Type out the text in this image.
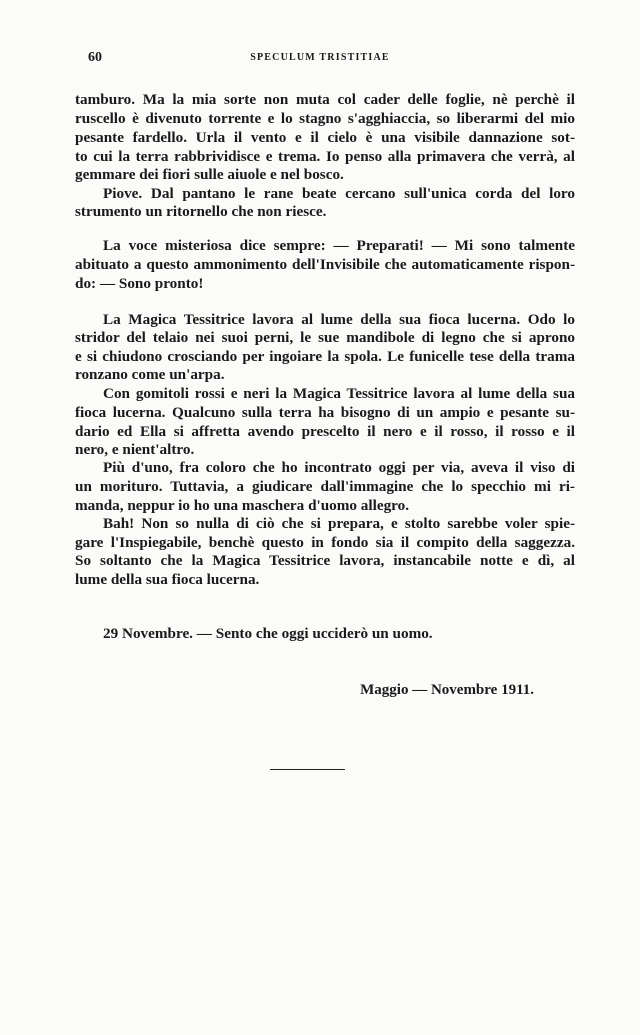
60	SPECULUM TRISTITIAE
tamburo. Ma la mia sorte non muta col cader delle foglie, nè perchè il
ruscello è divenuto torrente e lo stagno s'agghiaccia, so liberarmi del mio
pesante fardello. Urla il vento e il cielo è una visibile dannazione sot-
to cui la terra rabbrividisce e trema. Io penso alla primavera che verrà, al
gemmare dei fiori sulle aiuole e nel bosco.
Piove. Dal pantano le rane beate cercano sull'unica corda del loro
strumento un ritornello che non riesce.
La voce misteriosa dice sempre: — Preparati! — Mi sono talmente
abituato a questo ammonimento dell'Invisibile che automaticamente rispon-
do: — Sono pronto!
La Magica Tessitrice lavora al lume della sua fioca lucerna. Odo lo
stridor del telaio nei suoi perni, le sue mandibole di legno che si aprono
e si chiudono crosciando per ingoiare la spola. Le funicelle tese della trama
ronzano come un'arpa.
Con gomitoli rossi e neri la Magica Tessitrice lavora al lume della sua
fioca lucerna. Qualcuno sulla terra ha bisogno di un ampio e pesante su-
dario ed Ella si affretta avendo prescelto il nero e il rosso, il rosso e il
nero, e nient'altro.
Più d'uno, fra coloro che ho incontrato oggi per via, aveva il viso di
un morituro. Tuttavia, a giudicare dall'immagine che lo specchio mi ri-
manda, neppur io ho una maschera d'uomo allegro.
Bah! Non so nulla di ciò che si prepara, e stolto sarebbe voler spie-
gare l'Inspiegabile, benchè questo in fondo sia il compito della saggezza.
So soltanto che la Magica Tessitrice lavora, instancabile notte e dì, al
lume della sua fioca lucerna.
29 Novembre. — Sento che oggi ucciderò un uomo.
Maggio — Novembre 1911.
